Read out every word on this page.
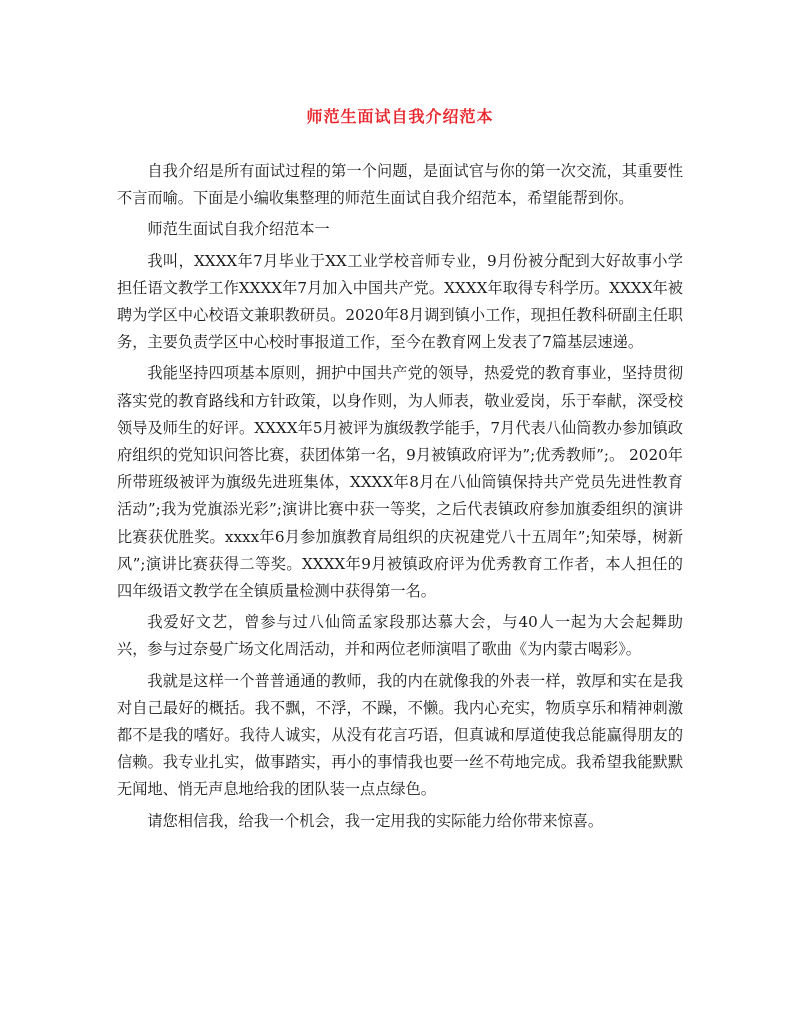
师范生面试自我介绍范本

自我介绍是所有面试过程的第一个问题，是面试官与你的第一次交流，其重要性不言而喻。下面是小编收集整理的师范生面试自我介绍范本，希望能帮到你。

师范生面试自我介绍范本一

我叫，XXXX年7月毕业于XX工业学校音师专业，9月份被分配到大好故事小学担任语文教学工作XXXX年7月加入中国共产党。XXXX年取得专科学历。XXXX年被聘为学区中心校语文兼职教研员。2020年8月调到镇小工作，现担任教科研副主任职务，主要负责学区中心校时事报道工作，至今在教育网上发表了7篇基层速递。

我能坚持四项基本原则，拥护中国共产党的领导，热爱党的教育事业，坚持贯彻落实党的教育路线和方针政策，以身作则，为人师表，敬业爱岗，乐于奉献，深受校领导及师生的好评。XXXX年5月被评为旗级教学能手，7月代表八仙筒教办参加镇政府组织的党知识问答比赛，获团体第一名，9月被镇政府评为”;优秀教师”;。 2020年所带班级被评为旗级先进班集体，XXXX年8月在八仙筒镇保持共产党员先进性教育活动”;我为党旗添光彩”;演讲比赛中获一等奖，之后代表镇政府参加旗委组织的演讲比赛获优胜奖。xxxx年6月参加旗教育局组织的庆祝建党八十五周年”;知荣辱，树新风”;演讲比赛获得二等奖。XXXX年9月被镇政府评为优秀教育工作者，本人担任的四年级语文教学在全镇质量检测中获得第一名。

我爱好文艺，曾参与过八仙筒孟家段那达慕大会，与40人一起为大会起舞助兴，参与过奈曼广场文化周活动，并和两位老师演唱了歌曲《为内蒙古喝彩》。

我就是这样一个普普通通的教师，我的内在就像我的外表一样，敦厚和实在是我对自己最好的概括。我不飘，不浮，不躁，不懒。我内心充实，物质享乐和精神刺激都不是我的嗜好。我待人诚实，从没有花言巧语，但真诚和厚道使我总能赢得朋友的信赖。我专业扎实，做事踏实，再小的事情我也要一丝不苟地完成。我希望我能默默无闻地、悄无声息地给我的团队装一点点绿色。

请您相信我，给我一个机会，我一定用我的实际能力给你带来惊喜。
